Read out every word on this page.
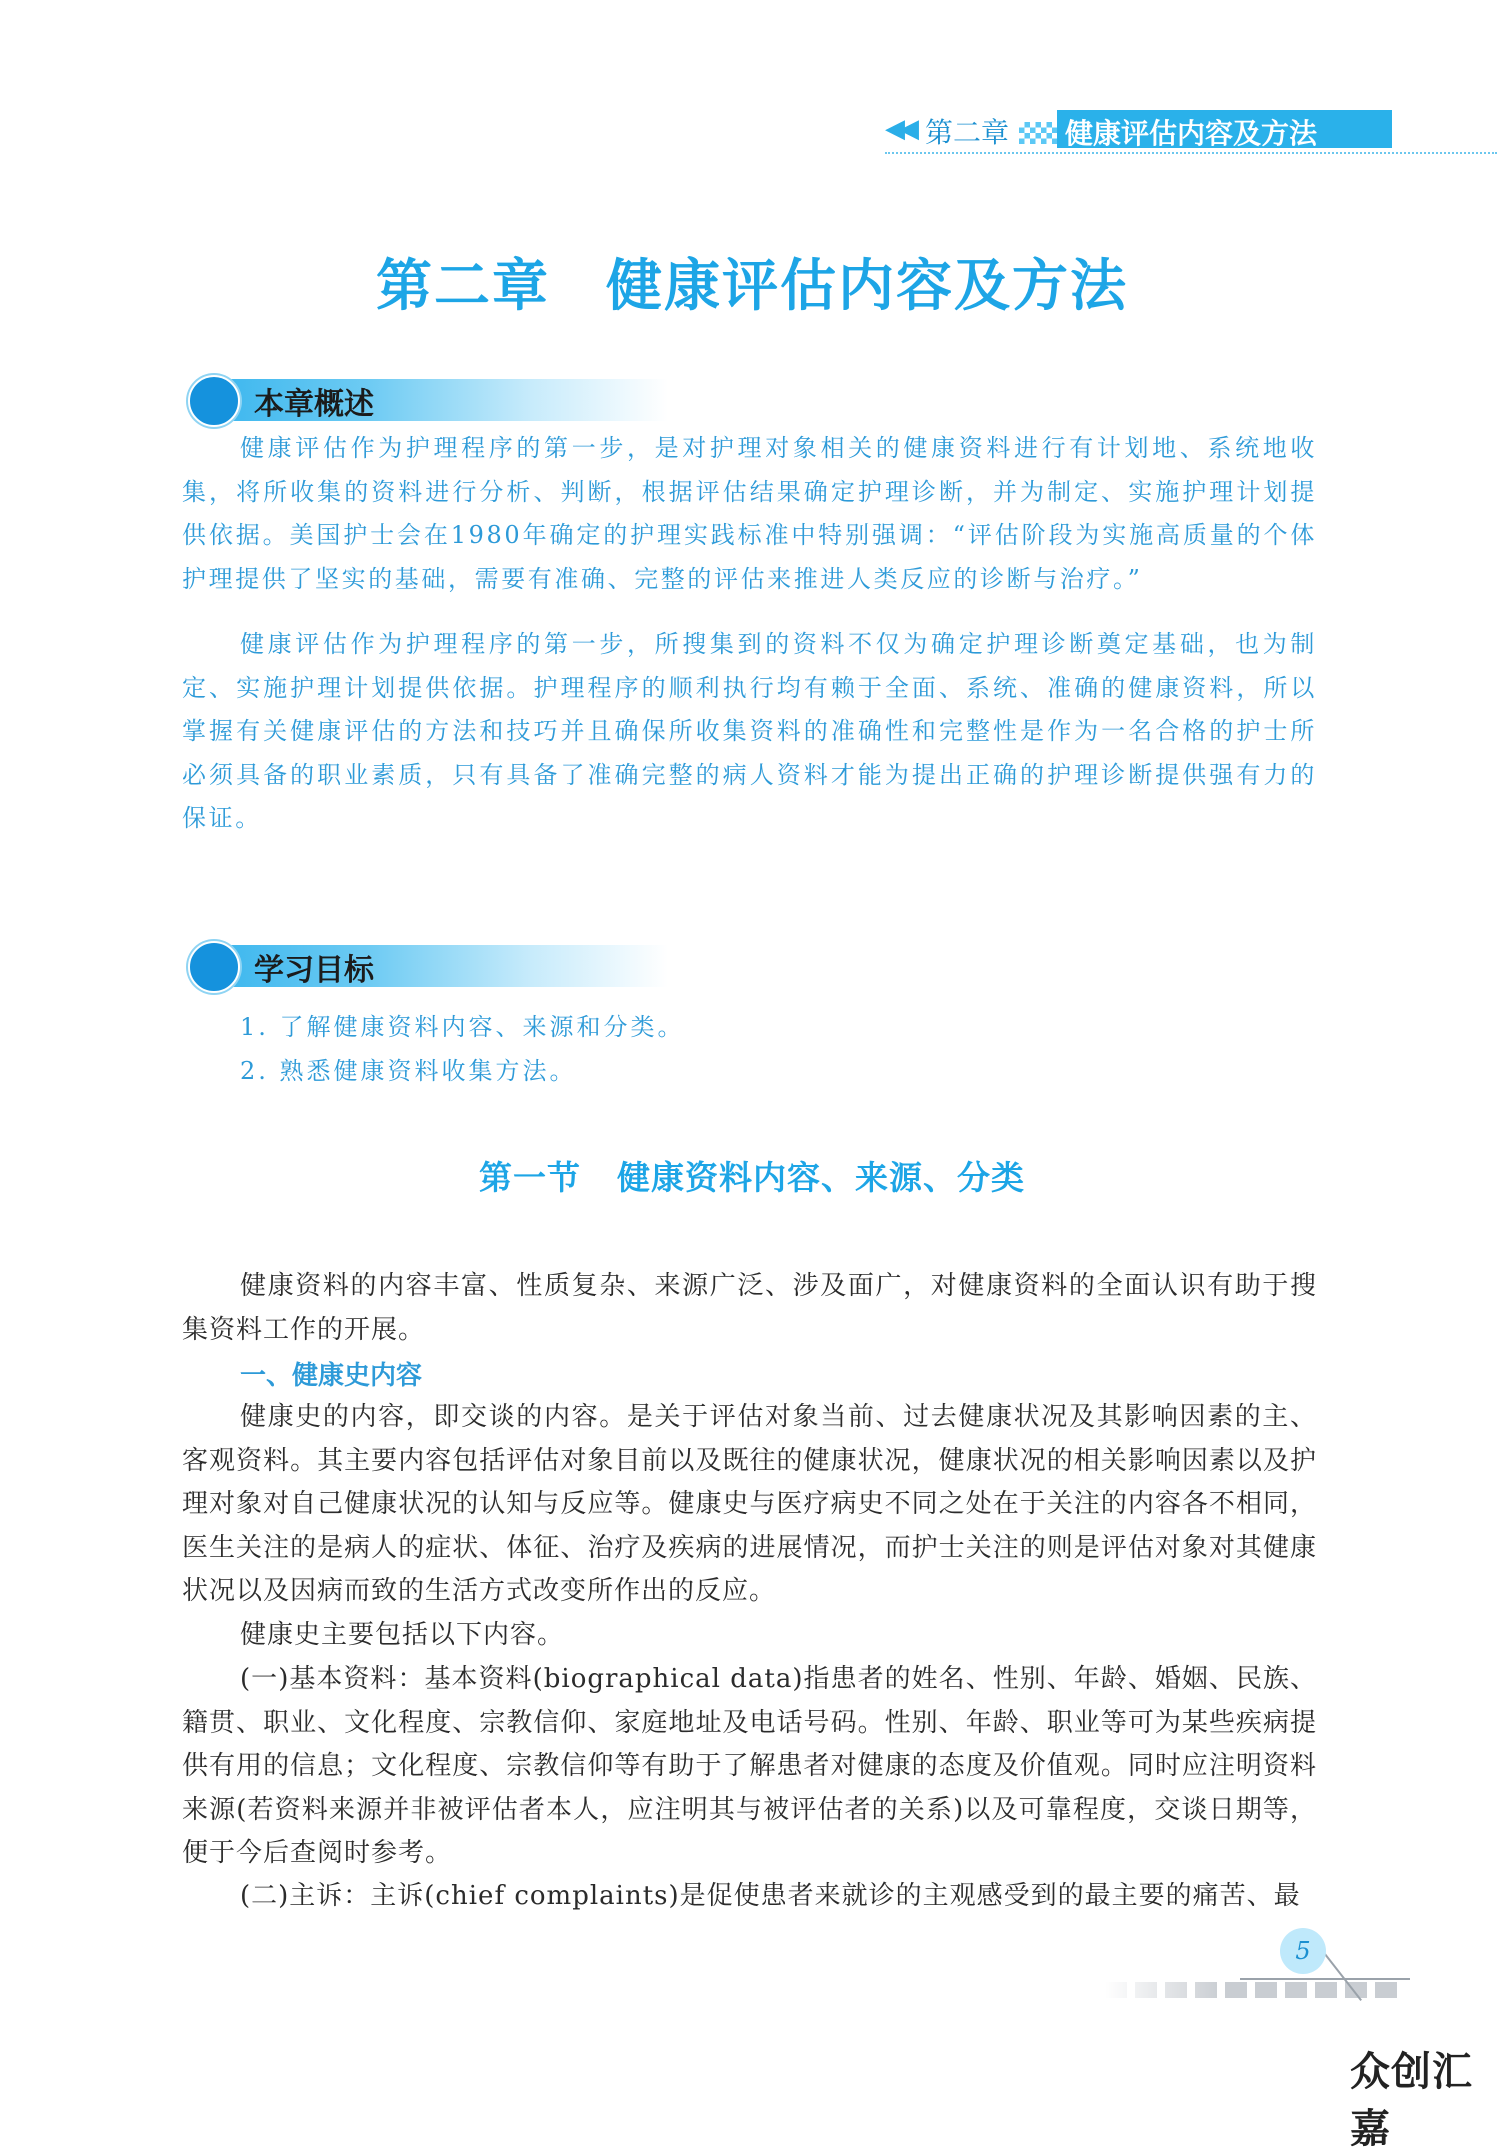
◀◀ 第二章 健康评估内容及方法
第二章 健康评估内容及方法
本章概述

健康评估作为护理程序的第一步，是对护理对象相关的健康资料进行有计划地、系统地收集，将所收集的资料进行分析、判断，根据评估结果确定护理诊断，并为制定、实施护理计划提供依据。美国护士会在1980年确定的护理实践标准中特别强调：“评估阶段为实施高质量的个体护理提供了坚实的基础，需要有准确、完整的评估来推进人类反应的诊断与治疗。”

健康评估作为护理程序的第一步，所搜集到的资料不仅为确定护理诊断奠定基础，也为制定、实施护理计划提供依据。护理程序的顺利执行均有赖于全面、系统、准确的健康资料，所以掌握有关健康评估的方法和技巧并且确保所收集资料的准确性和完整性是作为一名合格的护士所必须具备的职业素质，只有具备了准确完整的病人资料才能为提出正确的护理诊断提供强有力的保证。

学习目标
1. 了解健康资料内容、来源和分类。
2. 熟悉健康资料收集方法。
第一节 健康资料内容、来源、分类

健康资料的内容丰富、性质复杂、来源广泛、涉及面广，对健康资料的全面认识有助于搜集资料工作的开展。

一、健康史内容

健康史的内容，即交谈的内容。是关于评估对象当前、过去健康状况及其影响因素的主、客观资料。其主要内容包括评估对象目前以及既往的健康状况，健康状况的相关影响因素以及护理对象对自己健康状况的认知与反应等。健康史与医疗病史不同之处在于关注的内容各不相同，医生关注的是病人的症状、体征、治疗及疾病的进展情况，而护士关注的则是评估对象对其健康状况以及因病而致的生活方式改变所作出的反应。

健康史主要包括以下内容。

(一)基本资料：基本资料(biographical data)指患者的姓名、性别、年龄、婚姻、民族、籍贯、职业、文化程度、宗教信仰、家庭地址及电话号码。性别、年龄、职业等可为某些疾病提供有用的信息；文化程度、宗教信仰等有助于了解患者对健康的态度及价值观。同时应注明资料来源(若资料来源并非被评估者本人，应注明其与被评估者的关系)以及可靠程度，交谈日期等，便于今后查阅时参考。

(二)主诉：主诉(chief complaints)是促使患者来就诊的主观感受到的最主要的痛苦、最

5
众创汇嘉
